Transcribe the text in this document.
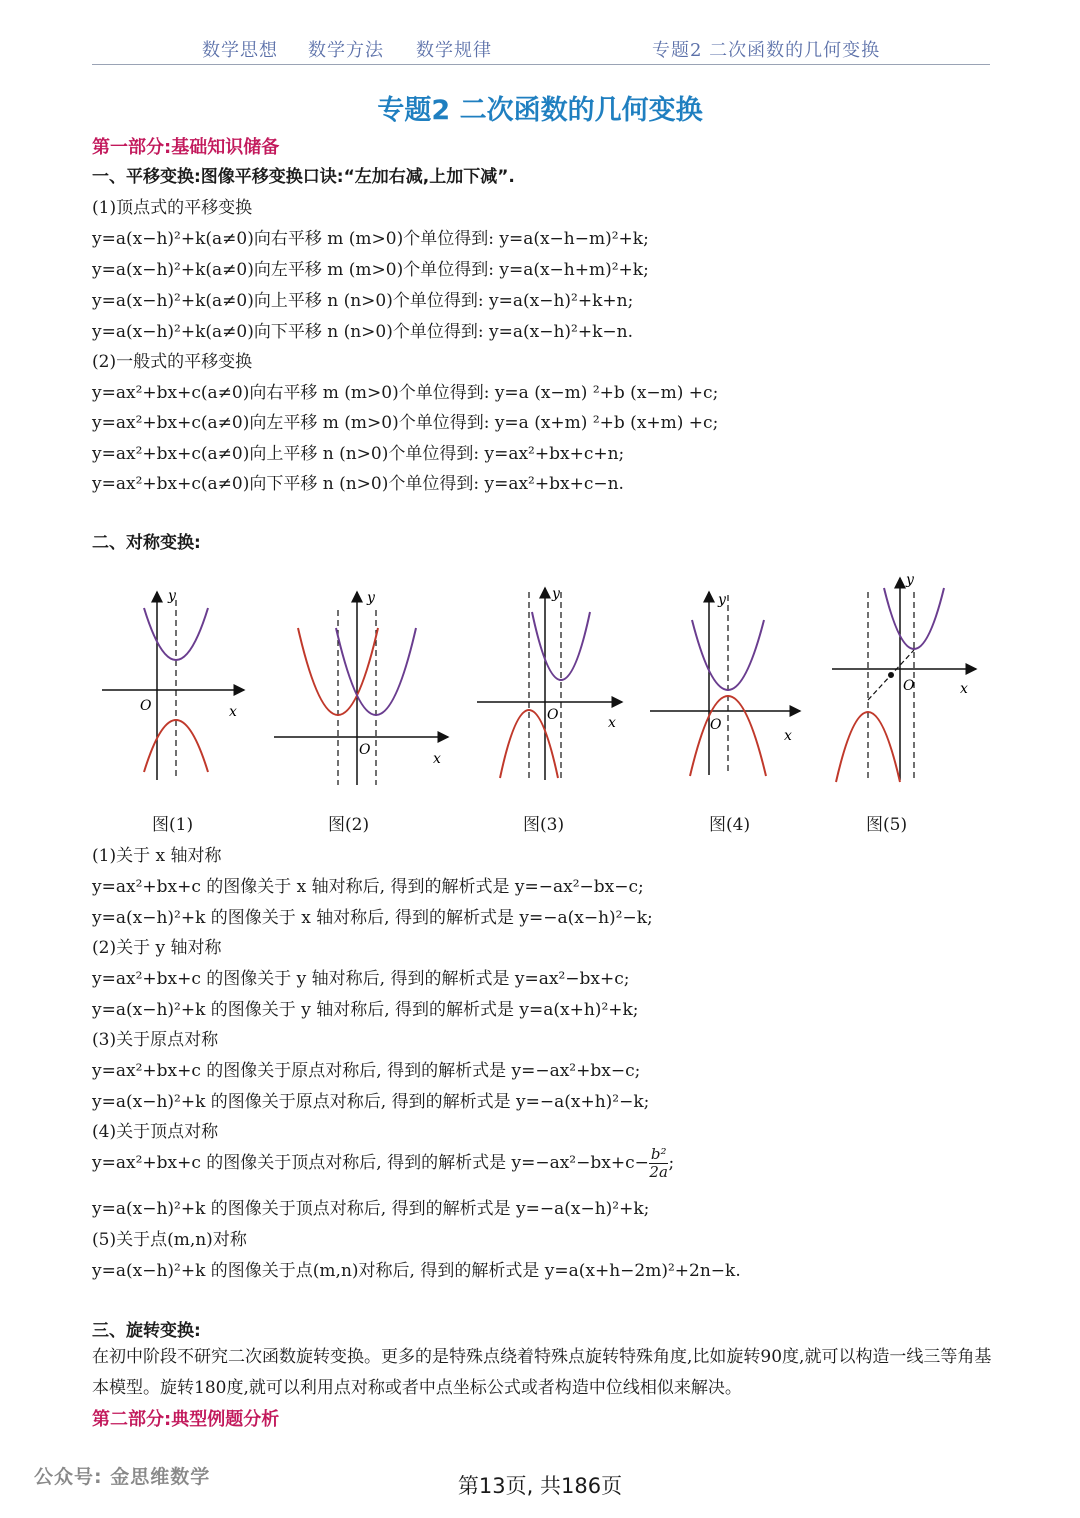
数学思想 数学方法 数学规律	专题2 二次函数的几何变换
专题2 二次函数的几何变换
第一部分:基础知识储备
一、平移变换:图像平移变换口诀:“左加右减,上加下减”.
(1)顶点式的平移变换
y=a(x−h)²+k(a≠0)向右平移 m (m>0)个单位得到: y=a(x−h−m)²+k;
y=a(x−h)²+k(a≠0)向左平移 m (m>0)个单位得到: y=a(x−h+m)²+k;
y=a(x−h)²+k(a≠0)向上平移 n (n>0)个单位得到: y=a(x−h)²+k+n;
y=a(x−h)²+k(a≠0)向下平移 n (n>0)个单位得到: y=a(x−h)²+k−n.
(2)一般式的平移变换
y=ax²+bx+c(a≠0)向右平移 m (m>0)个单位得到: y=a (x−m) ²+b (x−m) +c;
y=ax²+bx+c(a≠0)向左平移 m (m>0)个单位得到: y=a (x+m) ²+b (x+m) +c;
y=ax²+bx+c(a≠0)向上平移 n (n>0)个单位得到: y=ax²+bx+c+n;
y=ax²+bx+c(a≠0)向下平移 n (n>0)个单位得到: y=ax²+bx+c−n.
二、对称变换:
y
x
O
y
x
O
y
x
O
y
x
O
y
x
O
图(1)	图(2)	图(3)	图(4)	图(5)
(1)关于 x 轴对称
y=ax²+bx+c 的图像关于 x 轴对称后, 得到的解析式是 y=−ax²−bx−c;
y=a(x−h)²+k 的图像关于 x 轴对称后, 得到的解析式是 y=−a(x−h)²−k;
(2)关于 y 轴对称
y=ax²+bx+c 的图像关于 y 轴对称后, 得到的解析式是 y=ax²−bx+c;
y=a(x−h)²+k 的图像关于 y 轴对称后, 得到的解析式是 y=a(x+h)²+k;
(3)关于原点对称
y=ax²+bx+c 的图像关于原点对称后, 得到的解析式是 y=−ax²+bx−c;
y=a(x−h)²+k 的图像关于原点对称后, 得到的解析式是 y=−a(x+h)²−k;
(4)关于顶点对称
y=ax²+bx+c 的图像关于顶点对称后, 得到的解析式是 $y=-ax^2-bx+c- \frac{\text{b²}}{2a}$ ;
y=a(x−h)²+k 的图像关于顶点对称后, 得到的解析式是 y=−a(x−h)²+k;
(5)关于点(m,n)对称
y=a(x−h)²+k 的图像关于点(m,n)对称后, 得到的解析式是 y=a(x+h−2m)²+2n−k.
三、旋转变换:
在初中阶段不研究二次函数旋转变换。更多的是特殊点绕着特殊点旋转特殊角度,比如旋转90度,就可以构造一线三等角基本模型。旋转180度,就可以利用点对称或者中点坐标公式或者构造中位线相似来解决。
第二部分:典型例题分析
公众号: 金思维数学	第13页, 共186页
